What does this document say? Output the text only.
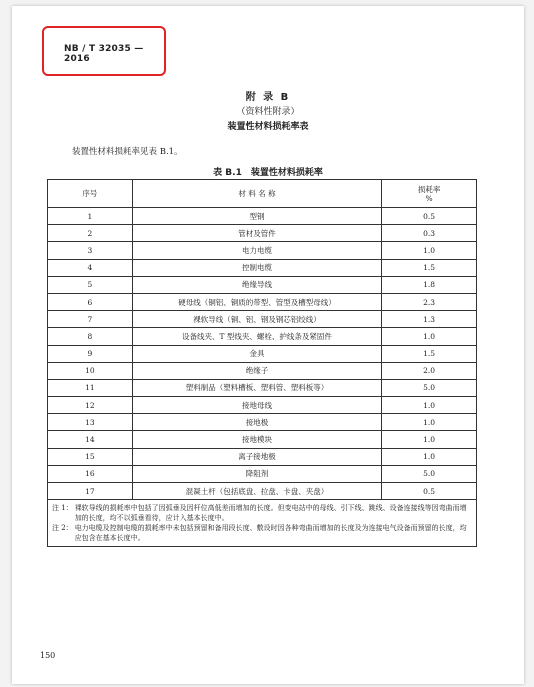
NB / T 32035 — 2016
附 录 B
（资料性附录）
装置性材料损耗率表
装置性材料损耗率见表 B.1。
表 B.1　装置性材料损耗率
序号	材 料 名 称	损耗率
%

1	型钢	0.5
2	管材及管件	0.3
3	电力电缆	1.0
4	控制电缆	1.5
5	绝缘导线	1.8
6	硬母线（铜铝、铜质的带型、管型及槽型母线）	2.3
7	裸软导线（铜、铝、钢及钢芯铝绞线）	1.3
8	设备线夹、T 型线夹、螺栓、护线条及紧固件	1.0
9	金具	1.5
10	绝缘子	2.0
11	塑料制品（塑料槽板、塑料管、塑料板等）	5.0
12	接地母线	1.0
13	接地极	1.0
14	接地模块	1.0
15	离子接地极	1.0
16	降阻剂	5.0
17	混凝土杆（包括底盘、拉盘、卡盘、夹盘）	0.5

注 1： 裸软导线的损耗率中包括了因弧垂及因杆位高低差而增加的长度。但变电站中的母线、引下线、跳线、设备连接线等因弯曲而增加的长度，均不以弧垂看待，应计入基本长度中。
注 2： 电力电缆及控制电缆的损耗率中未包括预留和备用段长度、敷设时因各种弯曲而增加的长度及为连接电气设备而预留的长度，均应包含在基本长度中。		
150
